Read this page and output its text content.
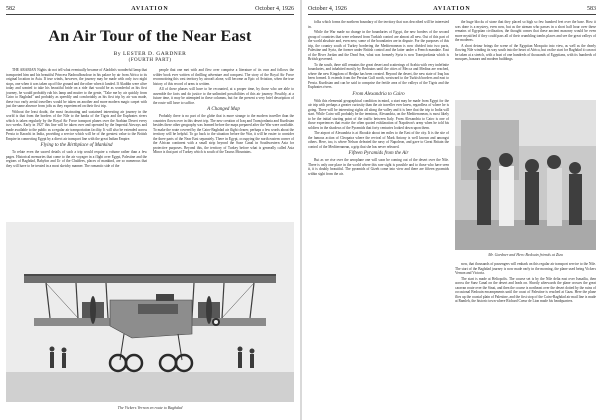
582	AVIATION	October 4, 1926
An Air Tour of the Near East
By LESTER D. GARDNER
(FOURTH PART)

THE ARABIAN Nights do not tell what eventually became of Aladdin's wonderful lamp that transported him and his beautiful Princess Badroulboudour in his palace by air from Africa to its original location in Asia. If true winds, however, the journey may be made with only two night stops, one when it was taken up off the ground and the other when it landed. If Aladdin were alive today and wanted to take his beautiful bride on a ride that would be as wonderful as his first journey, he would probably rub his lamp and mutter to the genie, "Take me by air quickly from Cairo to Baghdad" and probably as speedily and comfortably as his first trip by air was made, these two early aerial travellers would be taken on another and more modern magic carpet with just the same absence from jolts as they experienced on their first trip.

Without the least doubt, the most fascinating and sustained interesting air journey in the world is that from the borders of the Nile to the banks of the Tigris and the Euphrates rivers which is taken regularly by the Royal Air Force transport planes over the Arabian Desert every two weeks. Early in 1927 this line will be taken over and operated by the Imperial Airways and made available to the public as a regular air transportation facility. It will also be extended across Persia to Karachi in India, providing a service which will be of the greatest value to the British Empire in connecting Egypt by a direct air transport line with the great Indian Empire.

Flying to the Birthplace of Mankind

To relate even the sacred details of such a trip would require a volume rather than a few pages. Historical memories that come to the air voyager in a flight over Egypt, Palestine and the regions of Baghdad, Babylon and Ur of the Chaldees, places of mankind, are so numerous that they will have to be treated in a most sketchy manner. The romantic side of the

people that one met with and flew over comprise a literature of its own and follows the wilder book ever written of thrilling adventure and conquest. The story of the Royal Air Force reconnoitring this vast territory by aircraft alone, will become as Epic of Aviation, when the true history of this record of arms is written.

All of these phases will have to be recounted, at a proper time, by those who are able to assemble the facts and do justice to the unlimited possibilities of this air journey. Possibly, at a future time, it may be attempted in these columns, but for the present a very brief description of the route will have to suffice.

A Changed Map

Probably there is no part of the globe that is more strange to the modern traveller than the countries flown over in this desert trip. The new creation of Iraq and Transjordania and Kurdistan besides these other geography was learned before the maps prepared after the War were available. To make the route covered by the Cairo-Baghdad air flight clearer, perhaps a few words about the territory will be helpful. To go back to the situation before the War, it will be easier to consider the three parts of the Near East separately. There in Egypt, occupying the north eastern corner of the African continent with a small strip beyond the Suez Canal in Southwestern Asia for protective purposes. Beyond this, the territory of Turkey before what is generally called Asia Minor is that part of Turkey which is south of the Taurus Mountains.

The Vickers Vernon en route to Baghdad
October 4, 1926	AVIATION	583

folks which forms the northern boundary of the territory that was described will be interested in.

While the War made no change in the boundaries of Egypt, the new borders of the second group of countries that were released from Turkish control are almost all new. Out of this part of the world absolute and, even new, some of the boundaries are in dispute. For the purposes of this trip, the country south of Turkey bordering the Mediterranean is now divided into two parts, Palestine and Syria, the former under British control and the latter under a French mandate. East of the River Jordan and the Dead Sea, what was formerly Syria is now Transjordania which is British governed.

To the south, there still remains the great desert and scatterings of Arabia with very indefinite boundaries, and inhabited mostly by Bedouins until the cities of Mecca and Medina are reached, where the new Kingdom of Hedjaz has been created. Beyond the desert, the new state of Iraq has been formed. It extends from the Persian Gulf north, westward to the Turkish borders and east to Persia. Kurdistan and can be said to comprise the fertile area of the valleys of the Tigris and the Euphrates rivers.

From Alexandria to Cairo

With this elemental geographical condition in mind, a start may be made from Egypt for the air trip with perhaps a greater curiosity than the air traveller ever knew, regardless of where he is going. There will be interesting sights all along the valley and it is here that the trip to India will start. While Cairo will probably be the terminus, Alexandria, on the Mediterranean, is most likely to be the initial starting point of the traffic between Italy. From Alexandria to Cairo is one of those experiences that excite the often quoted exhilaration of Napoleon's army when he told his soldiers in the shadows of the Pyramids that forty centuries looked down upon them.

The airport of Alexandria is at Aboukir about ten miles to the East of the city. It is the site of the famous action of Cleopatra where the revival of Mark Antony is well known and amongst others. Here, too, is where Nelson defeated the navy of Napoleon, and gave to Great Britain the control of the Mediterranean, a grip that she has never released.

Fifteen Pyramids from the Air

But as we rise over the aeroplane one will soon be coming out of the desert over the Nile. There is only one place in the world where this rare sight is possible and to those who have seen it, it is doubly beautiful. The pyramids of Gizeh come into view and there are fifteen pyramids within sight from the air.

the huge blocks of stone that they placed so high so few hundred feet over the base. How it was done is a mystery, even now, but as the airman who passes in a short half hour over these remains of Egyptian civilization, the thought comes that these ancient masonry would be even more mystified if they could pass all of their crumbling tombs places and see the great valleys of the moderns.

A short detour brings the scene of the Egyptian Mosquito into view, as well as the dearly flowing Nile winding its way south into the heart of Africa, but on the start for Baghdad it can not be taken at a stretch, with a boat of one hundreds of thousands of Egyptians, with its hundreds of mosques, bazaars and modern buildings.

Mr. Gardner and Hero Bedouin friends at Ziza

now, that thousands of passengers will embark on this regular air transport service to the Nile. The start of the Baghdad journey is now made early in the morning, the plane used being Vickers Vernon and Victoria.

The start is made at Heliopolis. The course set is by the Nile delta east over Ismailia, then across the Suez Canal on the desert and leads on. Shortly afterwards the plane crosses the great caravan route over the Sinai, and then the course is northeast over the desert dotted by the ruins of occasional Bedouin encampments until the coast of Palestine is reached at Gaza. Here the plane flies up the coastal plain of Palestine, and the first stop of the Cairo-Baghdad air mail line is made at Ramleh, the historic town where Richard Coeur de Lion made his headquarters.
